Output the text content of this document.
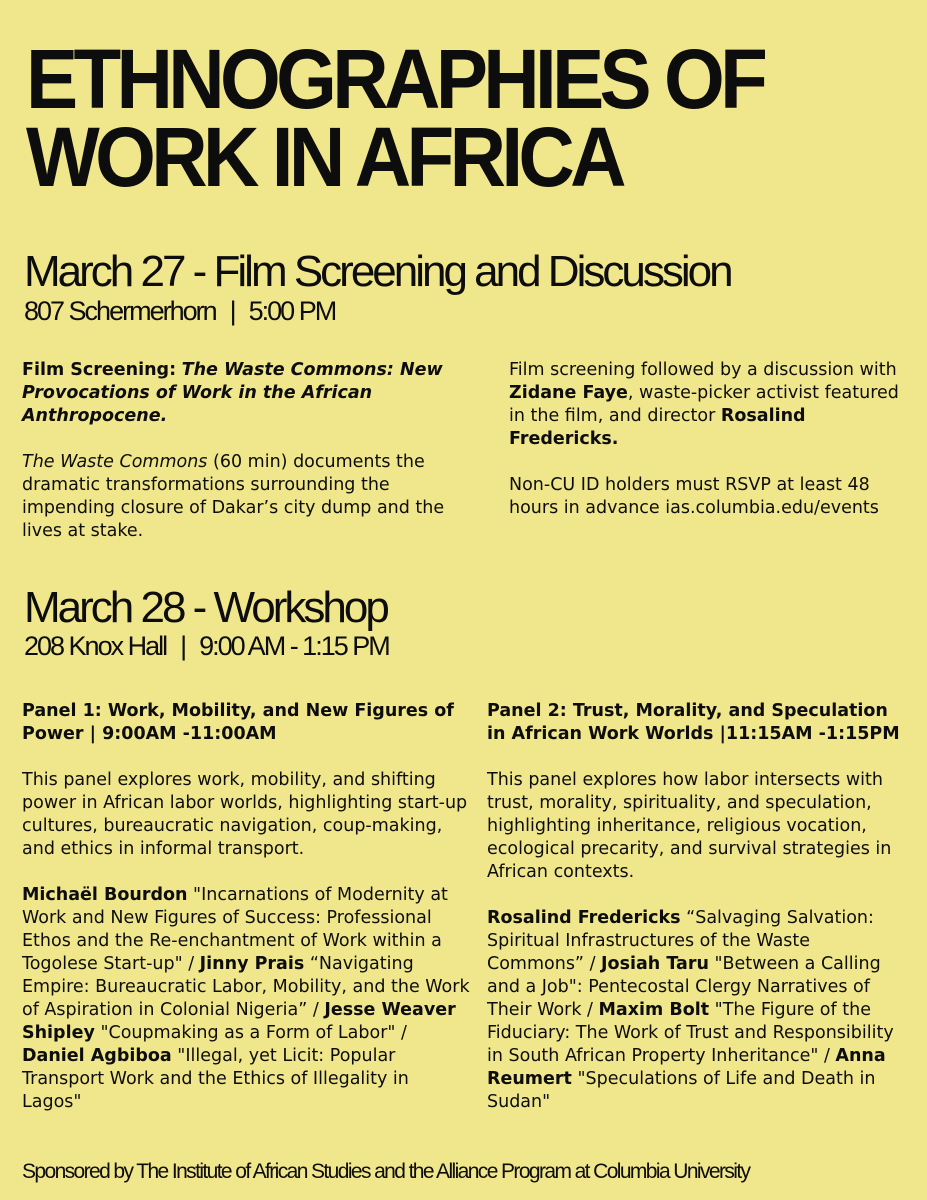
ETHNOGRAPHIES OF
WORK IN AFRICA
March 27 - Film Screening and Discussion

807 Schermerhorn | 5:00 PM

Film Screening: The Waste Commons: New Provocations of Work in the African Anthropocene.

The Waste Commons (60 min) documents the dramatic transformations surrounding the impending closure of Dakar’s city dump and the lives at stake.

Film screening followed by a discussion with Zidane Faye, waste-picker activist featured in the film, and director Rosalind Fredericks.

Non-CU ID holders must RSVP at least 48 hours in advance ias.columbia.edu/events

March 28 - Workshop

208 Knox Hall | 9:00 AM - 1:15 PM

Panel 1: Work, Mobility, and New Figures of Power | 9:00AM -11:00AM

This panel explores work, mobility, and shifting power in African labor worlds, highlighting start-up cultures, bureaucratic navigation, coup-making, and ethics in informal transport.

Michaël Bourdon "Incarnations of Modernity at Work and New Figures of Success: Professional Ethos and the Re-enchantment of Work within a Togolese Start-up" / Jinny Prais “Navigating Empire: Bureaucratic Labor, Mobility, and the Work of Aspiration in Colonial Nigeria” / Jesse Weaver Shipley "Coupmaking as a Form of Labor" / Daniel Agbiboa "Illegal, yet Licit: Popular Transport Work and the Ethics of Illegality in Lagos"

Panel 2: Trust, Morality, and Speculation in African Work Worlds |11:15AM -1:15PM

This panel explores how labor intersects with trust, morality, spirituality, and speculation, highlighting inheritance, religious vocation, ecological precarity, and survival strategies in African contexts.

Rosalind Fredericks “Salvaging Salvation: Spiritual Infrastructures of the Waste Commons” / Josiah Taru "Between a Calling and a Job": Pentecostal Clergy Narratives of Their Work / Maxim Bolt "The Figure of the Fiduciary: The Work of Trust and Responsibility in South African Property Inheritance" / Anna Reumert "Speculations of Life and Death in Sudan"

Sponsored by The Institute of African Studies and the Alliance Program at Columbia University
